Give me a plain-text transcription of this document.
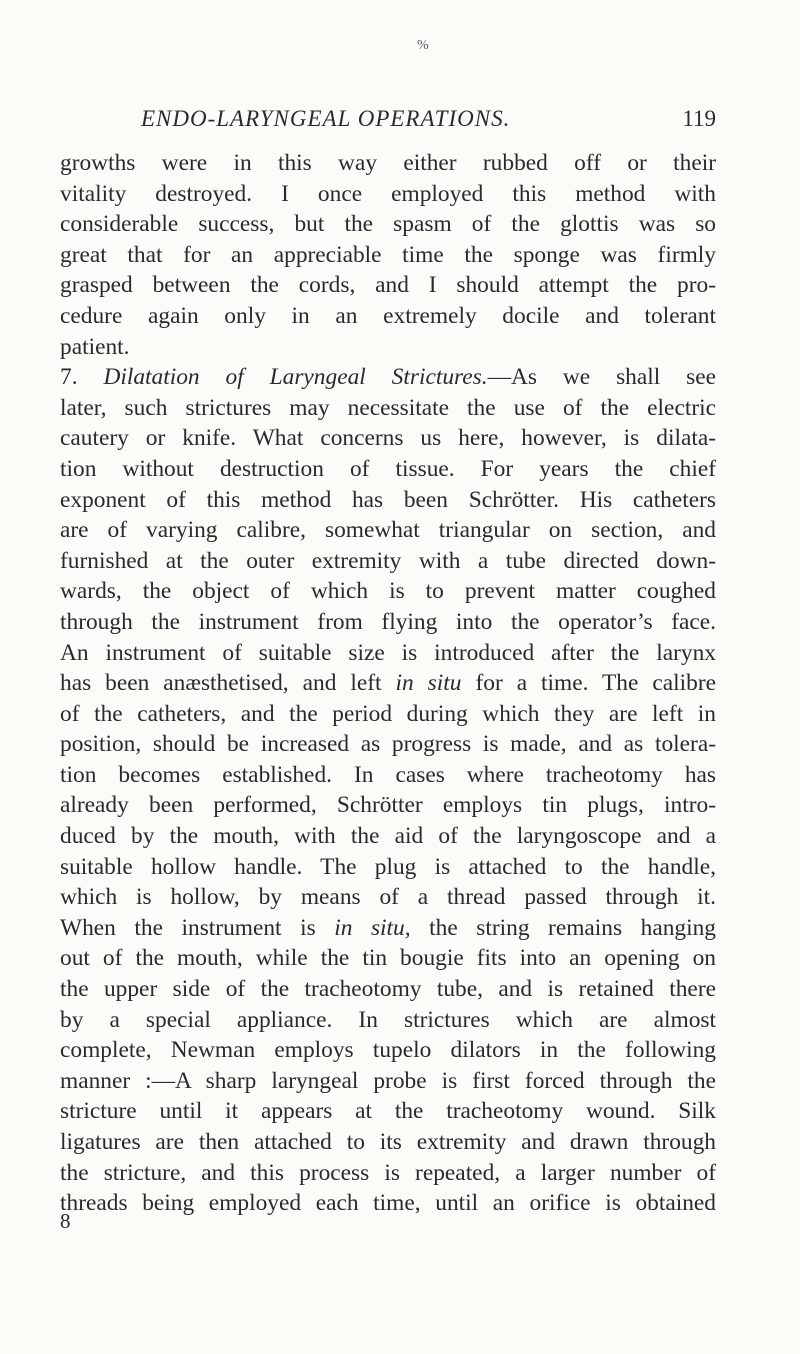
%
ENDO-LARYNGEAL OPERATIONS.	119
growths were in this way either rubbed off or their
vitality destroyed. I once employed this method with
considerable success, but the spasm of the glottis was so
great that for an appreciable time the sponge was firmly
grasped between the cords, and I should attempt the pro-
cedure again only in an extremely docile and tolerant
patient.
7. Dilatation of Laryngeal Strictures.—As we shall see
later, such strictures may necessitate the use of the electric
cautery or knife. What concerns us here, however, is dilata-
tion without destruction of tissue. For years the chief
exponent of this method has been Schrötter. His catheters
are of varying calibre, somewhat triangular on section, and
furnished at the outer extremity with a tube directed down-
wards, the object of which is to prevent matter coughed
through the instrument from flying into the operator’s face.
An instrument of suitable size is introduced after the larynx
has been anæsthetised, and left in situ for a time. The calibre
of the catheters, and the period during which they are left in
position, should be increased as progress is made, and as tolera-
tion becomes established. In cases where tracheotomy has
already been performed, Schrötter employs tin plugs, intro-
duced by the mouth, with the aid of the laryngoscope and a
suitable hollow handle. The plug is attached to the handle,
which is hollow, by means of a thread passed through it.
When the instrument is in situ, the string remains hanging
out of the mouth, while the tin bougie fits into an opening on
the upper side of the tracheotomy tube, and is retained there
by a special appliance. In strictures which are almost
complete, Newman employs tupelo dilators in the following
manner :—A sharp laryngeal probe is first forced through the
stricture until it appears at the tracheotomy wound. Silk
ligatures are then attached to its extremity and drawn through
the stricture, and this process is repeated, a larger number of
threads being employed each time, until an orifice is obtained
8
